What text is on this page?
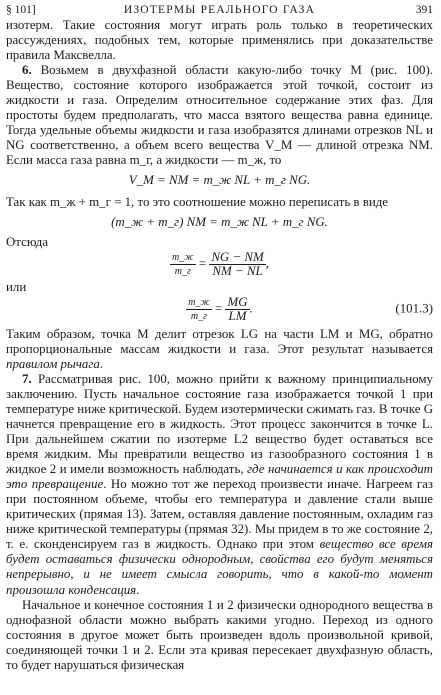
§ 101]	ИЗОТЕРМЫ РЕАЛЬНОГО ГАЗА	391

изотерм. Такие состояния могут играть роль только в теоретических рассуждениях, подобных тем, которые применялись при доказательстве правила Максвелла.

6. Возьмем в двухфазной области какую-либо точку M (рис. 100). Вещество, состояние которого изображается этой точкой, состоит из жидкости и газа. Определим относительное содержание этих фаз. Для простоты будем предполагать, что масса взятого вещества равна единице. Тогда удельные объемы жидкости и газа изобразятся длинами отрезков NL и NG соответственно, а объем всего вещества V_M — длиной отрезка NM. Если масса газа равна m_г, а жидкости — m_ж, то

V_M = NM = m_ж NL + m_г NG.

Так как m_ж + m_г = 1, то это соотношение можно переписать в виде

(m_ж + m_г) NM = m_ж NL + m_г NG.

Отсюда

$\frac{m\_ж}{m\_г} = \frac{NG - NM}{NM - NL}$ ,

или

$\frac{m\_ж}{m\_г} = \frac{MG}{LM}$ .	(101.3)

Таким образом, точка M делит отрезок LG на части LM и MG, обратно пропорциональные массам жидкости и газа. Этот результат называется правилом рычага.

7. Рассматривая рис. 100, можно прийти к важному принципиальному заключению. Пусть начальное состояние газа изображается точкой 1 при температуре ниже критической. Будем изотермически сжимать газ. В точке G начнется превращение его в жидкость. Этот процесс закончится в точке L. При дальнейшем сжатии по изотерме L2 вещество будет оставаться все время жидким. Мы превратили вещество из газообразного состояния 1 в жидкое 2 и имели возможность наблюдать, где начинается и как происходит это превращение. Но можно тот же переход произвести иначе. Нагреем газ при постоянном объеме, чтобы его температура и давление стали выше критических (прямая 13). Затем, оставляя давление постоянным, охладим газ ниже критической температуры (прямая 32). Мы придем в то же состояние 2, т. е. сконденсируем газ в жидкость. Однако при этом вещество все время будет оставаться физически однородным, свойства его будут меняться непрерывно, и не имеет смысла говорить, что в какой-то момент произошла конденсация.

Начальное и конечное состояния 1 и 2 физически однородного вещества в однофазной области можно выбрать какими угодно. Переход из одного состояния в другое может быть произведен вдоль произвольной кривой, соединяющей точки 1 и 2. Если эта кривая пересекает двухфазную область, то будет нарушаться физическая
